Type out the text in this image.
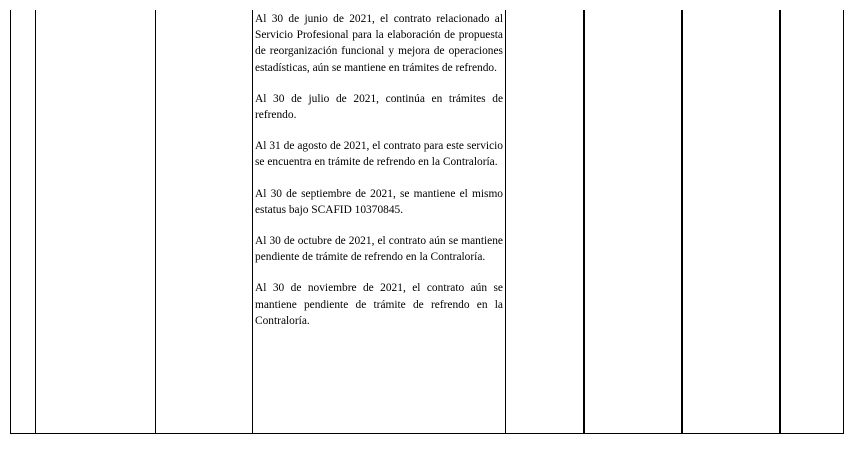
Al 30 de junio de 2021, el contrato relacionado al Servicio Profesional para la elaboración de propuesta de reorganización funcional y mejora de operaciones estadísticas, aún se mantiene en trámites de refrendo.

Al 30 de julio de 2021, continúa en trámites de refrendo.

Al 31 de agosto de 2021, el contrato para este servicio se encuentra en trámite de refrendo en la Contraloría.

Al 30 de septiembre de 2021, se mantiene el mismo estatus bajo SCAFID 10370845.

Al 30 de octubre de 2021, el contrato aún se mantiene pendiente de trámite de refrendo en la Contraloría.

Al 30 de noviembre de 2021, el contrato aún se mantiene pendiente de trámite de refrendo en la Contraloría.
